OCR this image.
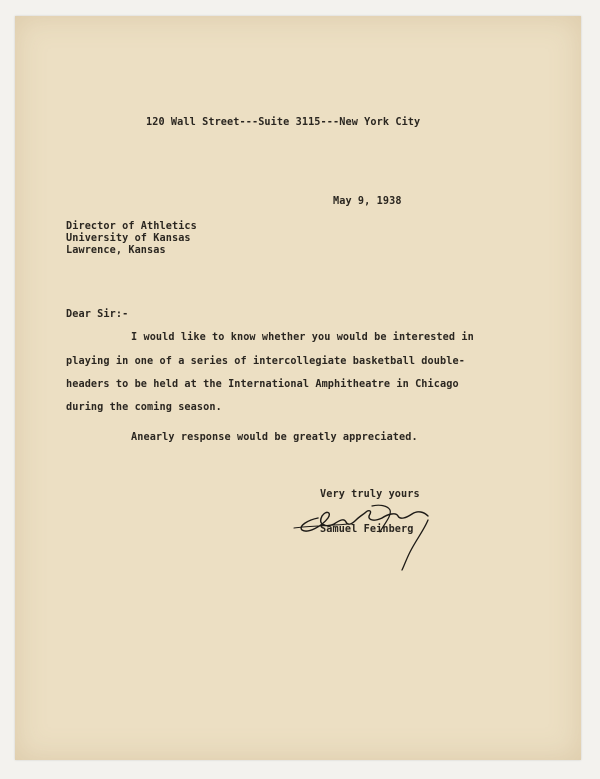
120 Wall Street---Suite 3115---New York City
May 9, 1938
Director of Athletics
University of Kansas
Lawrence, Kansas
Dear Sir:-
I would like to know whether you would be interested in
playing in one of a series of intercollegiate basketball double-
headers to be held at the International Amphitheatre in Chicago
during the coming season.
Anearly response would be greatly appreciated.
Very truly yours
Samuel Feinberg
